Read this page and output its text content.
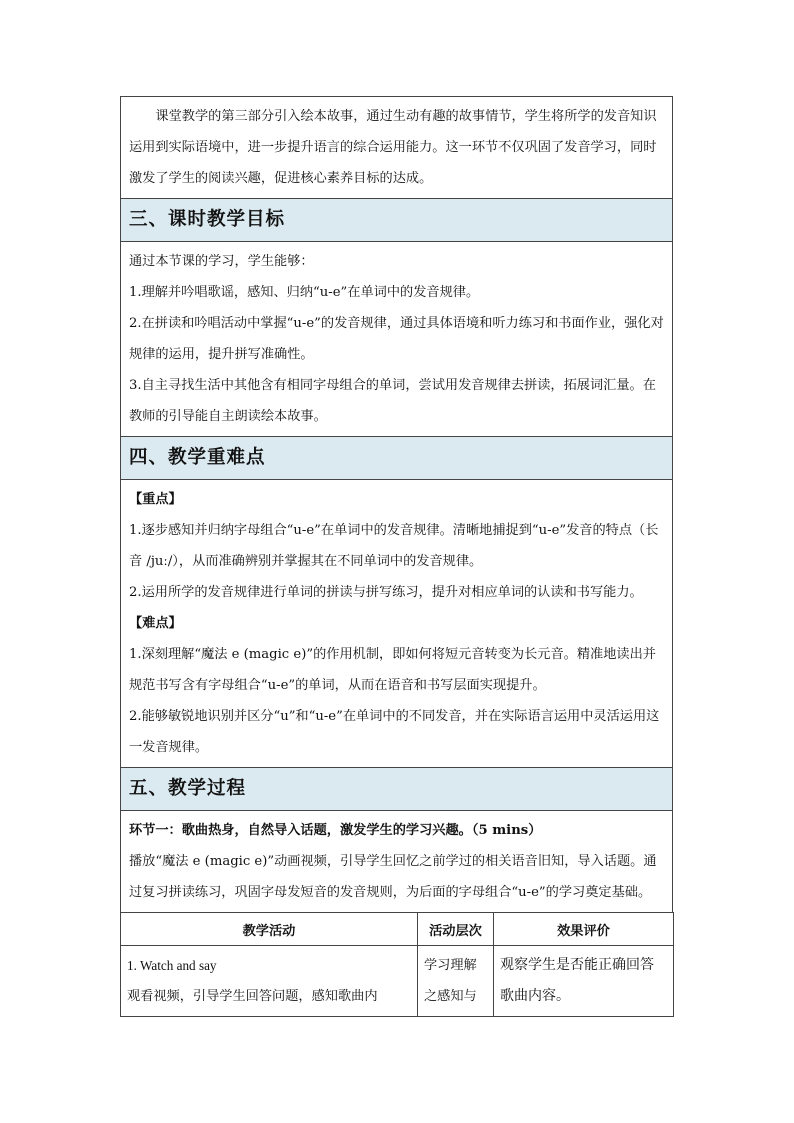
课堂教学的第三部分引入绘本故事，通过生动有趣的故事情节，学生将所学的发音知识运用到实际语境中，进一步提升语言的综合运用能力。这一环节不仅巩固了发音学习，同时激发了学生的阅读兴趣，促进核心素养目标的达成。

三、课时教学目标

通过本节课的学习，学生能够：

1.理解并吟唱歌谣，感知、归纳“u-e”在单词中的发音规律。

2.在拼读和吟唱活动中掌握“u-e”的发音规律，通过具体语境和听力练习和书面作业，强化对规律的运用，提升拼写准确性。

3.自主寻找生活中其他含有相同字母组合的单词，尝试用发音规律去拼读，拓展词汇量。在教师的引导能自主朗读绘本故事。

四、教学重难点

【重点】

1.逐步感知并归纳字母组合“u-e”在单词中的发音规律。清晰地捕捉到“u-e”发音的特点（长音 /juː/），从而准确辨别并掌握其在不同单词中的发音规律。

2.运用所学的发音规律进行单词的拼读与拼写练习，提升对相应单词的认读和书写能力。

【难点】

1.深刻理解“魔法 e (magic e)”的作用机制，即如何将短元音转变为长元音。精准地读出并规范书写含有字母组合“u-e”的单词，从而在语音和书写层面实现提升。

2.能够敏锐地识别并区分“u”和“u-e”在单词中的不同发音，并在实际语言运用中灵活运用这一发音规律。

五、教学过程

环节一：歌曲热身，自然导入话题，激发学生的学习兴趣。（5 mins）

播放“魔法 e (magic e)”动画视频，引导学生回忆之前学过的相关语音旧知，导入话题。通过复习拼读练习，巩固字母发短音的发音规则，为后面的字母组合“u-e”的学习奠定基础。

教学活动	活动层次	效果评价

1. Watch and say
观看视频，引导学生回答问题，感知歌曲内	学习理解之感知与	观察学生是否能正确回答歌曲内容。
